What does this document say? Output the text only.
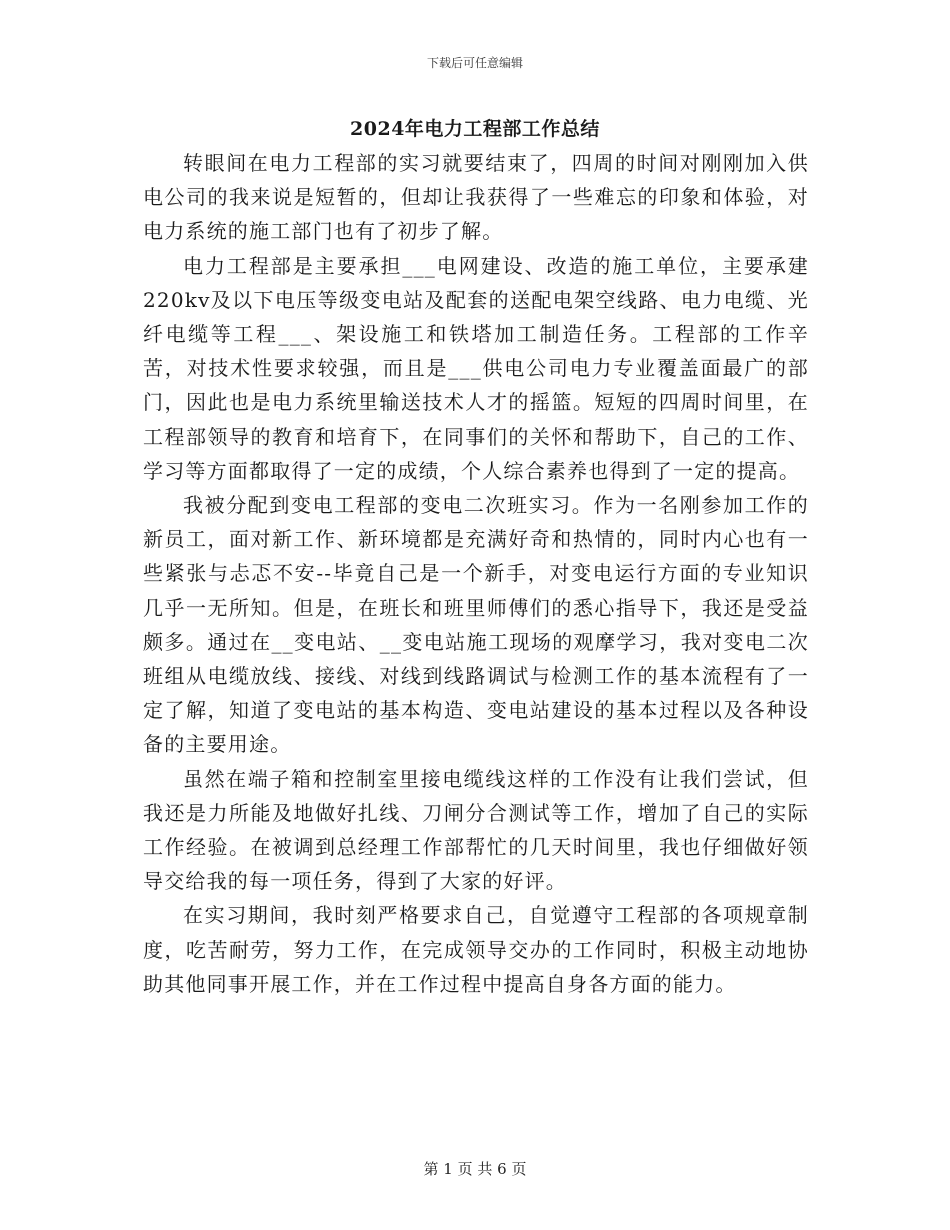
下载后可任意编辑
2024年电力工程部工作总结

转眼间在电力工程部的实习就要结束了，四周的时间对刚刚加入供电公司的我来说是短暂的，但却让我获得了一些难忘的印象和体验，对电力系统的施工部门也有了初步了解。

电力工程部是主要承担___电网建设、改造的施工单位，主要承建220kv及以下电压等级变电站及配套的送配电架空线路、电力电缆、光纤电缆等工程___、架设施工和铁塔加工制造任务。工程部的工作辛苦，对技术性要求较强，而且是___供电公司电力专业覆盖面最广的部门，因此也是电力系统里输送技术人才的摇篮。短短的四周时间里，在工程部领导的教育和培育下，在同事们的关怀和帮助下，自己的工作、学习等方面都取得了一定的成绩，个人综合素养也得到了一定的提高。

我被分配到变电工程部的变电二次班实习。作为一名刚参加工作的新员工，面对新工作、新环境都是充满好奇和热情的，同时内心也有一些紧张与忐忑不安--毕竟自己是一个新手，对变电运行方面的专业知识几乎一无所知。但是，在班长和班里师傅们的悉心指导下，我还是受益颇多。通过在__变电站、__变电站施工现场的观摩学习，我对变电二次班组从电缆放线、接线、对线到线路调试与检测工作的基本流程有了一定了解，知道了变电站的基本构造、变电站建设的基本过程以及各种设备的主要用途。

虽然在端子箱和控制室里接电缆线这样的工作没有让我们尝试，但我还是力所能及地做好扎线、刀闸分合测试等工作，增加了自己的实际工作经验。在被调到总经理工作部帮忙的几天时间里，我也仔细做好领导交给我的每一项任务，得到了大家的好评。

在实习期间，我时刻严格要求自己，自觉遵守工程部的各项规章制度，吃苦耐劳，努力工作，在完成领导交办的工作同时，积极主动地协助其他同事开展工作，并在工作过程中提高自身各方面的能力。

第 1 页 共 6 页
